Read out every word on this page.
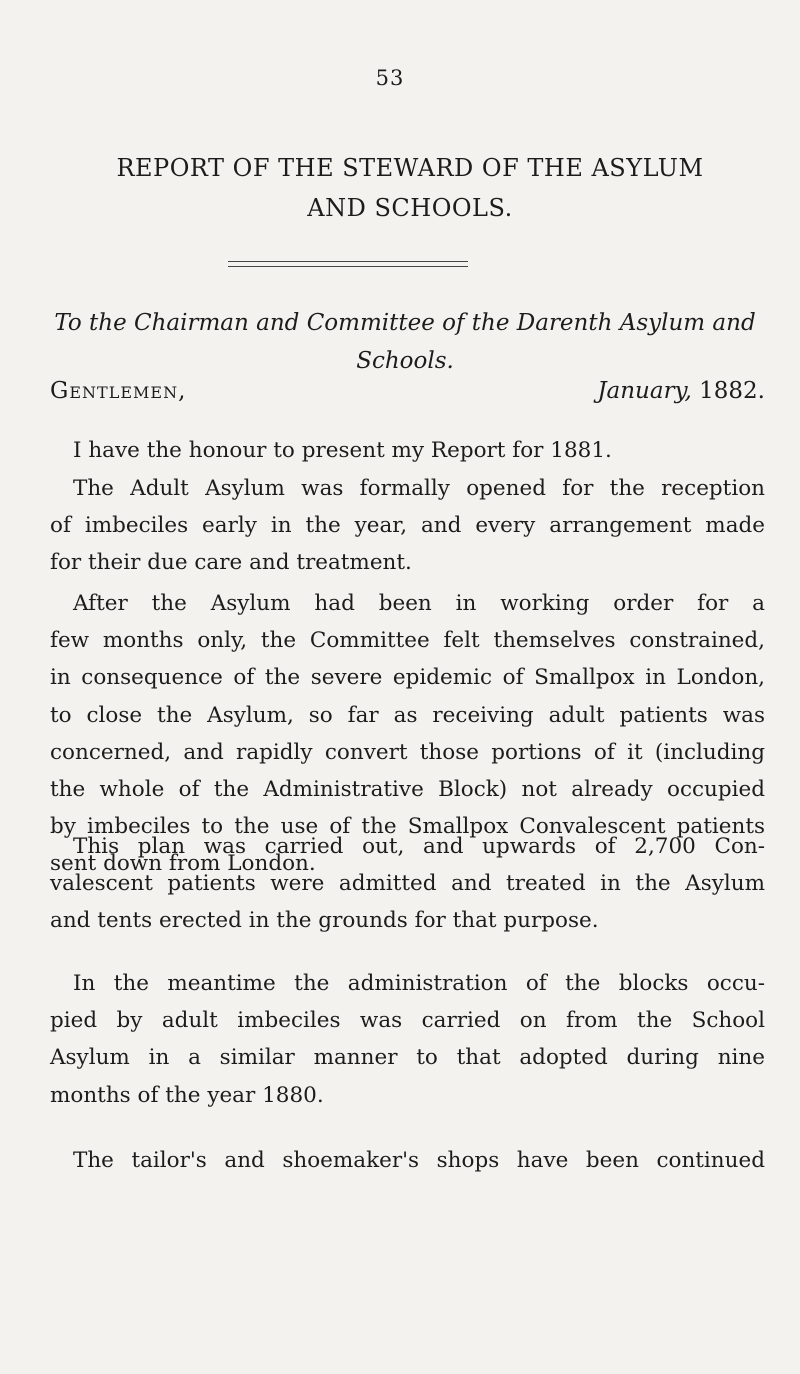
53
REPORT OF THE STEWARD OF THE ASYLUM
AND SCHOOLS.
To the Chairman and Committee of the Darenth Asylum and
Schools.
Gentlemen,	January, 1882.

I have the honour to present my Report for 1881.

The Adult Asylum was formally opened for the reception
of imbeciles early in the year, and every arrangement made
for their due care and treatment.

After the Asylum had been in working order for a
few months only, the Committee felt themselves constrained,
in consequence of the severe epidemic of Smallpox in London,
to close the Asylum, so far as receiving adult patients was
concerned, and rapidly convert those portions of it (including
the whole of the Administrative Block) not already occupied
by imbeciles to the use of the Smallpox Convalescent patients
sent down from London.

This plan was carried out, and upwards of 2,700 Con-
valescent patients were admitted and treated in the Asylum
and tents erected in the grounds for that purpose.

In the meantime the administration of the blocks occu-
pied by adult imbeciles was carried on from the School
Asylum in a similar manner to that adopted during nine
months of the year 1880.

The tailor's and shoemaker's shops have been continued
